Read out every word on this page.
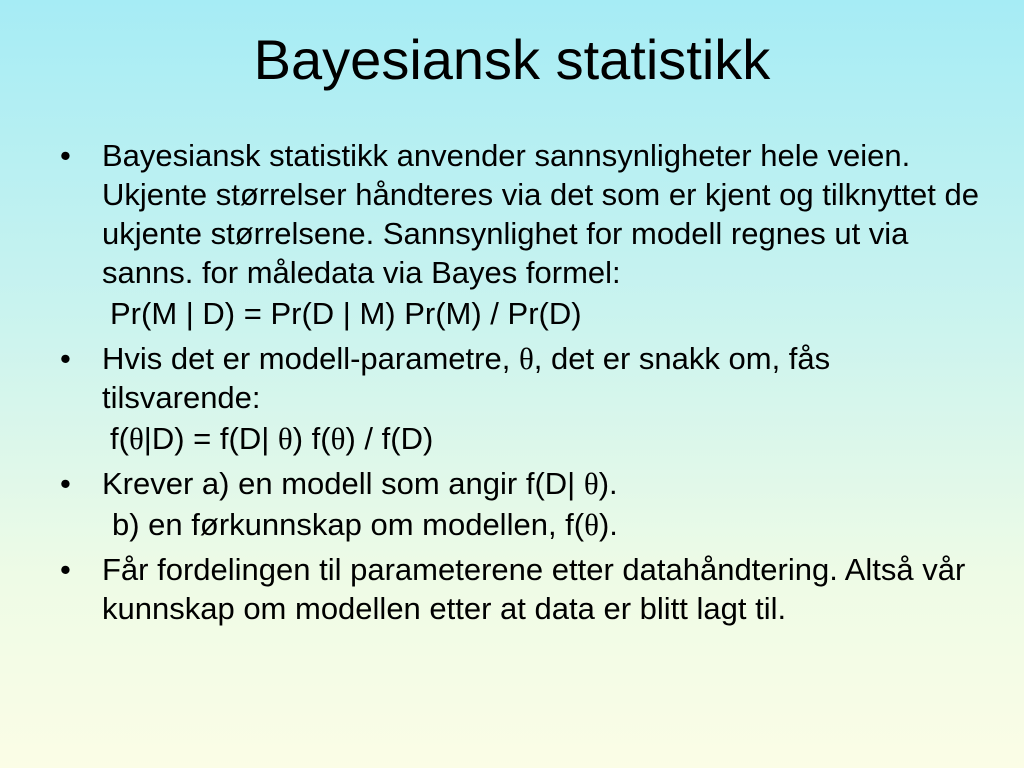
Bayesiansk statistikk
• Bayesiansk statistikk anvender sannsynligheter hele veien. Ukjente størrelser håndteres via det som er kjent og tilknyttet de ukjente størrelsene. Sannsynlighet for modell regnes ut via sanns. for måledata via Bayes formel:
Pr(M | D) = Pr(D | M) Pr(M) / Pr(D)
• Hvis det er modell-parametre, θ, det er snakk om, fås tilsvarende:
f(θ|D) = f(D| θ) f(θ) / f(D)
• Krever a) en modell som angir f(D| θ).
b) en førkunnskap om modellen, f(θ).
• Får fordelingen til parameterene etter datahåndtering. Altså vår kunnskap om modellen etter at data er blitt lagt til.
